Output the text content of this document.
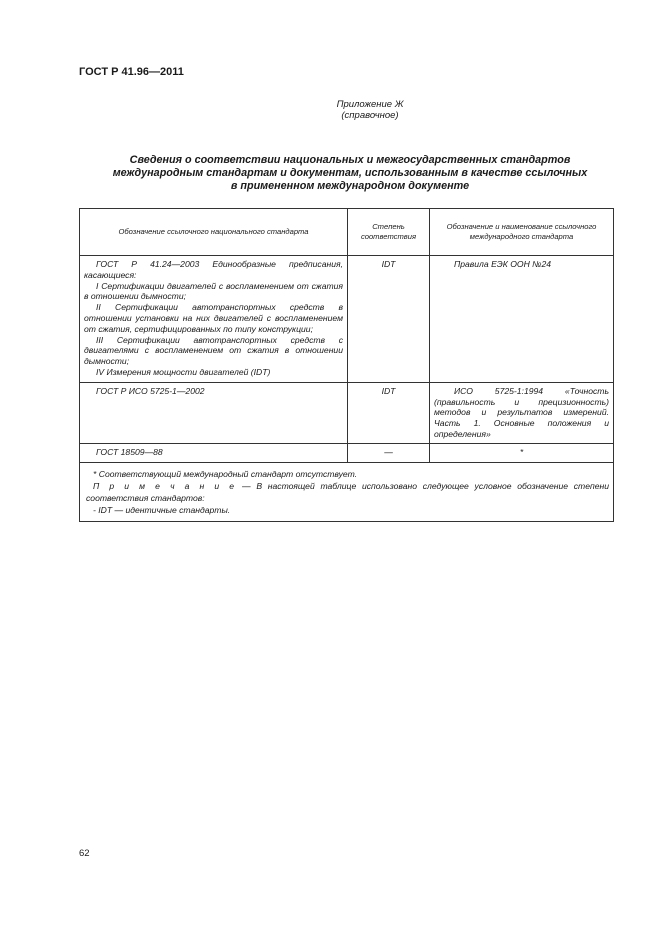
ГОСТ Р 41.96—2011
Приложение Ж
(справочное)
Сведения о соответствии национальных и межгосударственных стандартов
международным стандартам и документам, использованным в качестве ссылочных
в примененном международном документе
Обозначение ссылочного национального стандарта	Степень соответствия	Обозначение и наименование ссылочного международного стандарта

ГОСТ Р 41.24—2003 Единообразные предписания, касающиеся:
I Сертификации двигателей с воспламенением от сжатия в отношении дымности;
II Сертификации автотранспортных средств в отношении установки на них двигателей с воспламенением от сжатия, сертифицированных по типу конструкции;
III Сертификации автотранспортных средств с двигателями с воспламенением от сжатия в отношении дымности;
IV Измерения мощности двигателей (IDT)	IDT	Правила ЕЭК ООН №24

ГОСТ Р ИСО 5725-1—2002	IDT	ИСО 5725-1:1994 «Точность (правильность и прецизионность) методов и результатов измерений. Часть 1. Основные положения и определения»

ГОСТ 18509—88	—	*

* Соответствующий международный стандарт отсутствует.
П р и м е ч а н и е — В настоящей таблице использовано следующее условное обозначение степени соответствия стандартов:
- IDT — идентичные стандарты.		
62
